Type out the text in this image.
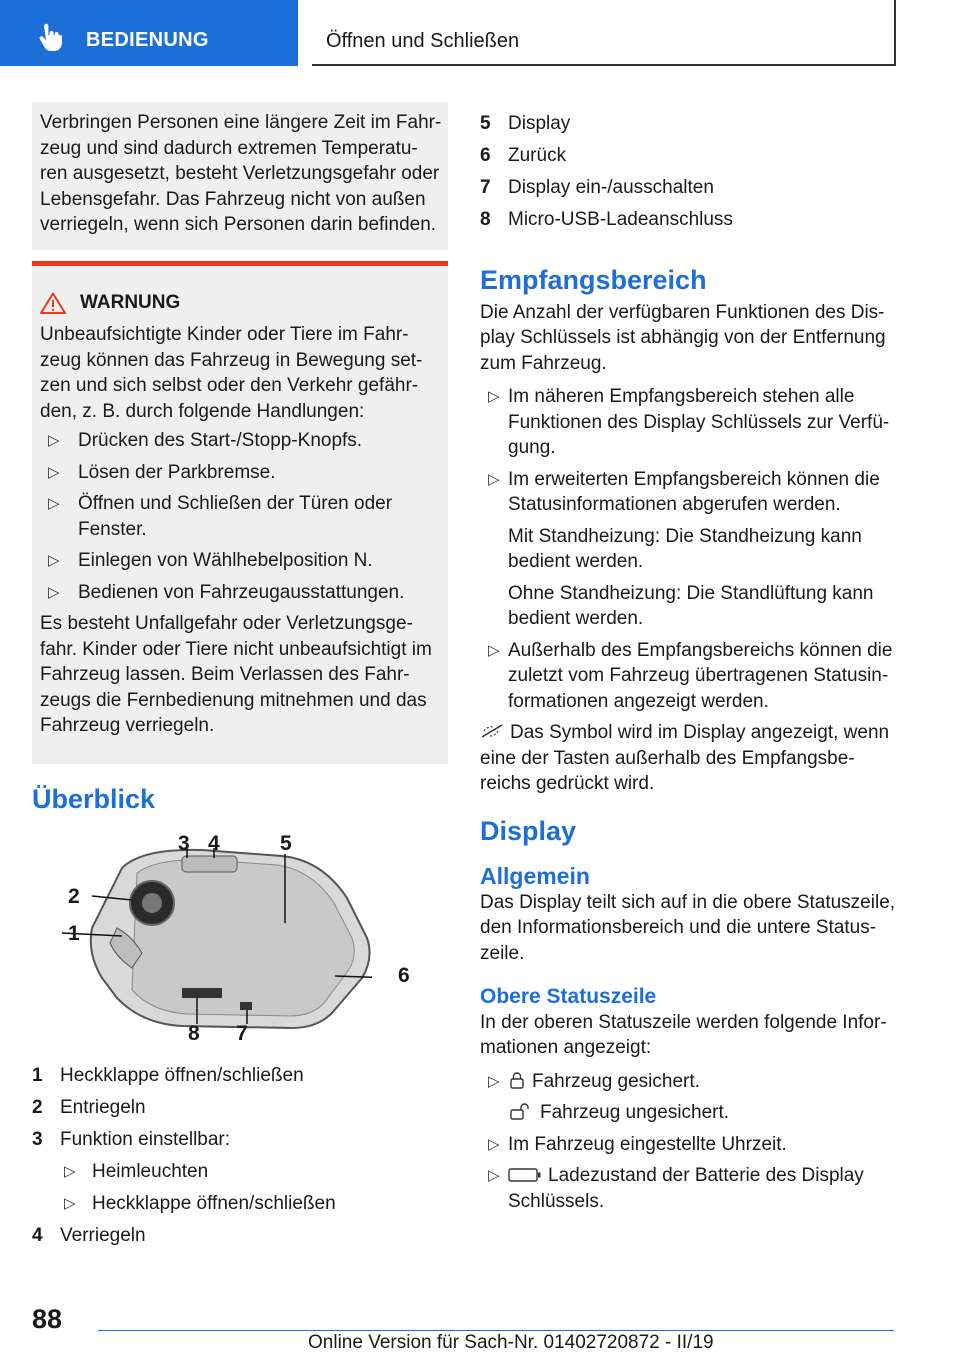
BEDIENUNG	Öffnen und Schließen

Verbringen Personen eine längere Zeit im Fahr-zeug und sind dadurch extremen Temperatu-ren ausgesetzt, besteht Verletzungsgefahr oder Lebensgefahr. Das Fahrzeug nicht von außen verriegeln, wenn sich Personen darin befinden.

WARNUNG

Unbeaufsichtigte Kinder oder Tiere im Fahr-zeug können das Fahrzeug in Bewegung set-zen und sich selbst oder den Verkehr gefähr-den, z. B. durch folgende Handlungen:

▷ Drücken des Start-/Stopp-Knopfs.
▷ Lösen der Parkbremse.
▷ Öffnen und Schließen der Türen oder Fenster.
▷ Einlegen von Wählhebelposition N.
▷ Bedienen von Fahrzeugausstattungen.

Es besteht Unfallgefahr oder Verletzungsge-fahr. Kinder oder Tiere nicht unbeaufsichtigt im Fahrzeug lassen. Beim Verlassen des Fahr-zeugs die Fernbedienung mitnehmen und das Fahrzeug verriegeln.

Überblick
1
2
3 4	5
6
7
8
1 Heckklappe öffnen/schließen
2 Entriegeln
3 Funktion einstellbar:
▷ Heimleuchten
▷ Heckklappe öffnen/schließen
4 Verriegeln
5 Display
6 Zurück
7 Display ein-/ausschalten
8 Micro-USB-Ladeanschluss
Empfangsbereich

Die Anzahl der verfügbaren Funktionen des Dis-play Schlüssels ist abhängig von der Entfernung zum Fahrzeug.

▷ Im näheren Empfangsbereich stehen alle Funktionen des Display Schlüssels zur Verfü-gung.
▷ Im erweiterten Empfangsbereich können die Statusinformationen abgerufen werden.

Mit Standheizung: Die Standheizung kann bedient werden.

Ohne Standheizung: Die Standlüftung kann bedient werden.

▷ Außerhalb des Empfangsbereichs können die zuletzt vom Fahrzeug übertragenen Statusin-formationen angezeigt werden.

Das Symbol wird im Display angezeigt, wenn eine der Tasten außerhalb des Empfangsbe-reichs gedrückt wird.

Display
Allgemein

Das Display teilt sich auf in die obere Statuszeile, den Informationsbereich und die untere Status-zeile.

Obere Statuszeile

In der oberen Statuszeile werden folgende Infor-mationen angezeigt:

▷ Fahrzeug gesichert.

Fahrzeug ungesichert.

▷ Im Fahrzeug eingestellte Uhrzeit.
▷ Ladezustand der Batterie des Display Schlüssels.
88
Online Version für Sach-Nr. 01402720872 - II/19
